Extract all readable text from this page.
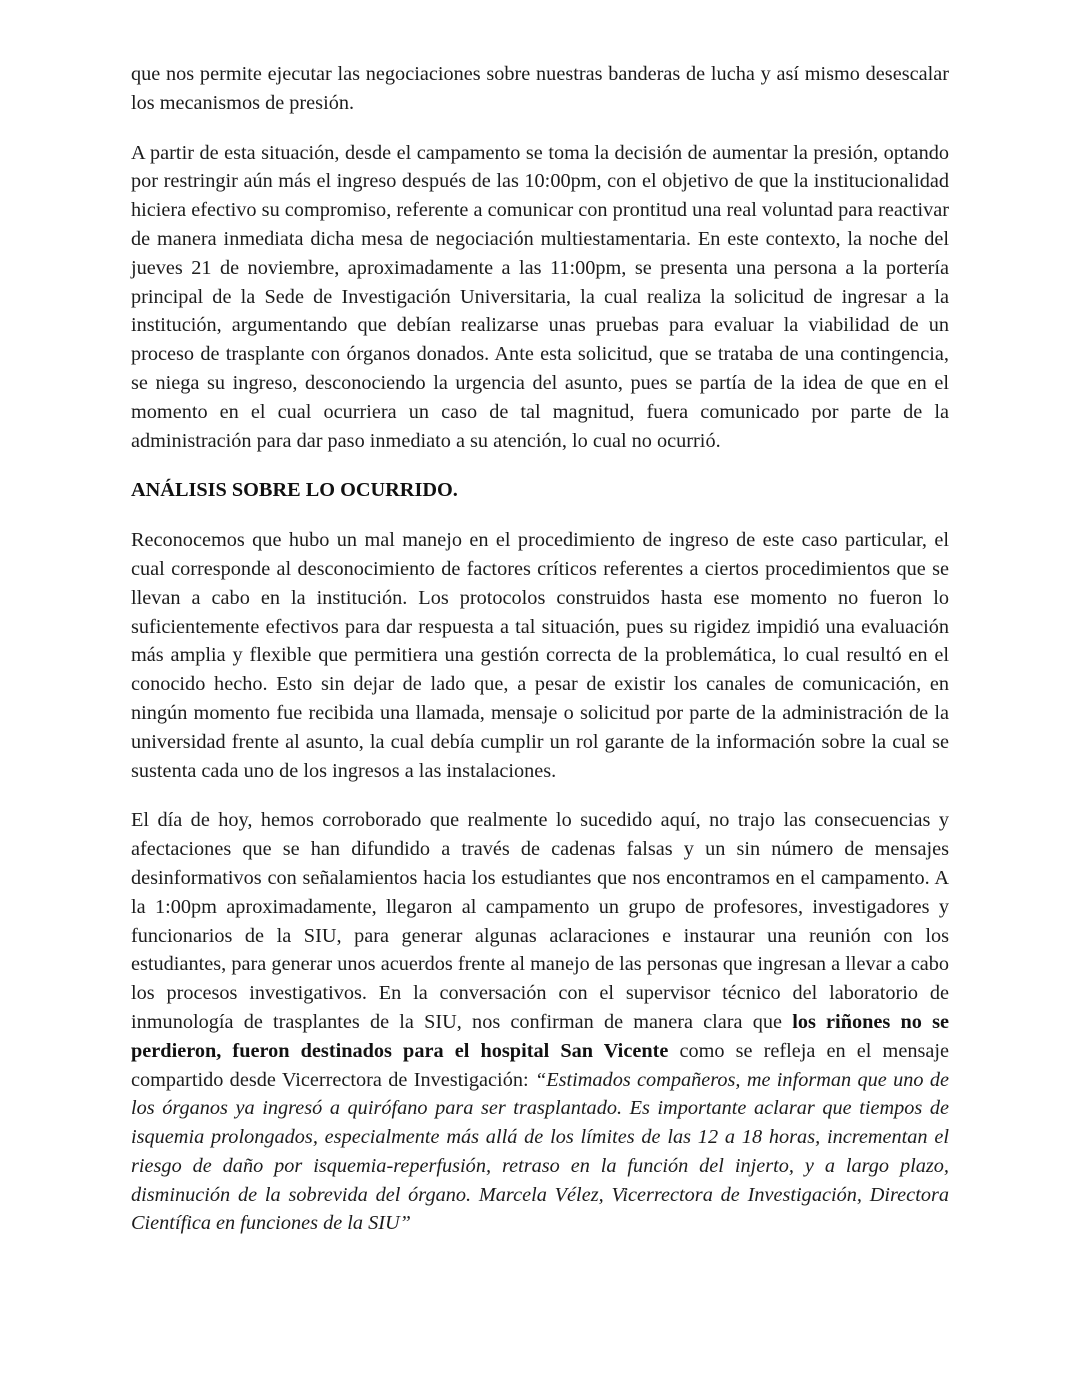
que nos permite ejecutar las negociaciones sobre nuestras banderas de lucha y así mismo desescalar los mecanismos de presión.

A partir de esta situación, desde el campamento se toma la decisión de aumentar la presión, optando por restringir aún más el ingreso después de las 10:00pm, con el objetivo de que la institucionalidad hiciera efectivo su compromiso, referente a comunicar con prontitud una real voluntad para reactivar de manera inmediata dicha mesa de negociación multiestamentaria. En este contexto, la noche del jueves 21 de noviembre, aproximadamente a las 11:00pm, se presenta una persona a la portería principal de la Sede de Investigación Universitaria, la cual realiza la solicitud de ingresar a la institución, argumentando que debían realizarse unas pruebas para evaluar la viabilidad de un proceso de trasplante con órganos donados. Ante esta solicitud, que se trataba de una contingencia, se niega su ingreso, desconociendo la urgencia del asunto, pues se partía de la idea de que en el momento en el cual ocurriera un caso de tal magnitud, fuera comunicado por parte de la administración para dar paso inmediato a su atención, lo cual no ocurrió.

ANÁLISIS SOBRE LO OCURRIDO.

Reconocemos que hubo un mal manejo en el procedimiento de ingreso de este caso particular, el cual corresponde al desconocimiento de factores críticos referentes a ciertos procedimientos que se llevan a cabo en la institución. Los protocolos construidos hasta ese momento no fueron lo suficientemente efectivos para dar respuesta a tal situación, pues su rigidez impidió una evaluación más amplia y flexible que permitiera una gestión correcta de la problemática, lo cual resultó en el conocido hecho. Esto sin dejar de lado que, a pesar de existir los canales de comunicación, en ningún momento fue recibida una llamada, mensaje o solicitud por parte de la administración de la universidad frente al asunto, la cual debía cumplir un rol garante de la información sobre la cual se sustenta cada uno de los ingresos a las instalaciones.

El día de hoy, hemos corroborado que realmente lo sucedido aquí, no trajo las consecuencias y afectaciones que se han difundido a través de cadenas falsas y un sin número de mensajes desinformativos con señalamientos hacia los estudiantes que nos encontramos en el campamento. A la 1:00pm aproximadamente, llegaron al campamento un grupo de profesores, investigadores y funcionarios de la SIU, para generar algunas aclaraciones e instaurar una reunión con los estudiantes, para generar unos acuerdos frente al manejo de las personas que ingresan a llevar a cabo los procesos investigativos. En la conversación con el supervisor técnico del laboratorio de inmunología de trasplantes de la SIU, nos confirman de manera clara que los riñones no se perdieron, fueron destinados para el hospital San Vicente como se refleja en el mensaje compartido desde Vicerrectora de Investigación: “Estimados compañeros, me informan que uno de los órganos ya ingresó a quirófano para ser trasplantado. Es importante aclarar que tiempos de isquemia prolongados, especialmente más allá de los límites de las 12 a 18 horas, incrementan el riesgo de daño por isquemia-reperfusión, retraso en la función del injerto, y a largo plazo, disminución de la sobrevida del órgano. Marcela Vélez, Vicerrectora de Investigación, Directora Científica en funciones de la SIU”
